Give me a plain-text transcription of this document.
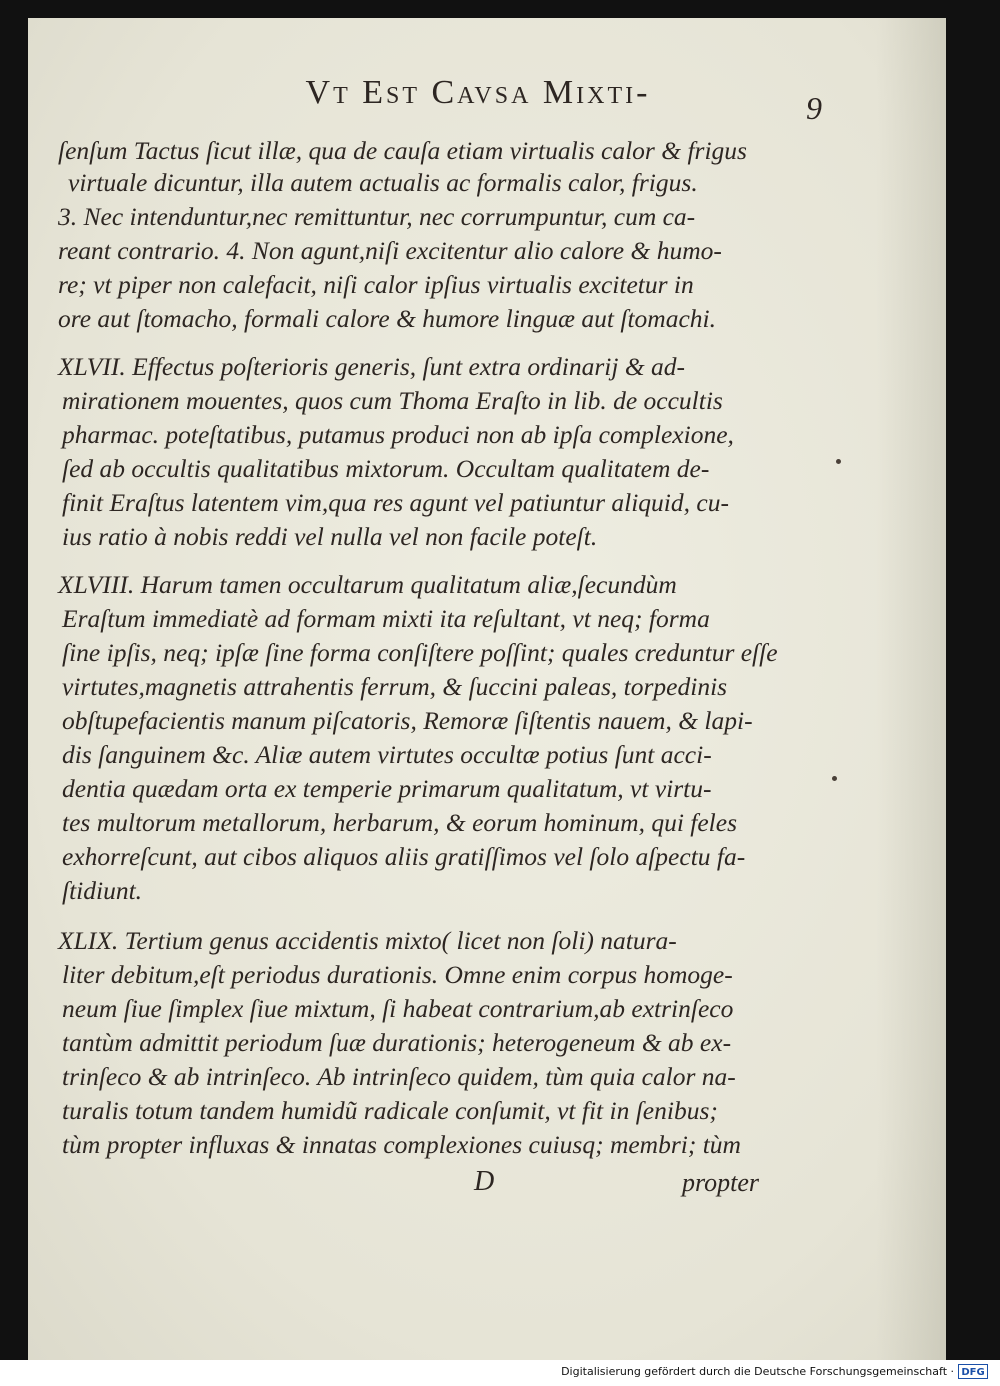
Vt Est Cavsa Mixti-	9
D	propter
ſenſum Tactus ſicut illæ, qua de cauſa etiam virtualis calor & frigus
virtuale dicuntur, illa autem actualis ac formalis calor, frigus.
3. Nec intenduntur,nec remittuntur, nec corrumpuntur, cum ca-
reant contrario. 4. Non agunt,niſi excitentur alio calore & humo-
re; vt piper non calefacit, niſi calor ipſius virtualis excitetur in
ore aut ſtomacho, formali calore & humore linguæ aut ſtomachi.
XLVII. Effectus poſterioris generis, ſunt extra ordinarij & ad-
mirationem mouentes, quos cum Thoma Eraſto in lib. de occultis
pharmac. poteſtatibus, putamus produci non ab ipſa complexione,
ſed ab occultis qualitatibus mixtorum. Occultam qualitatem de-
finit Eraſtus latentem vim,qua res agunt vel patiuntur aliquid, cu-
ius ratio à nobis reddi vel nulla vel non facile poteſt.
XLVIII. Harum tamen occultarum qualitatum aliæ,ſecundùm
Eraſtum immediatè ad formam mixti ita reſultant, vt neq; forma
ſine ipſis, neq; ipſæ ſine forma conſiſtere poſſint; quales creduntur eſſe
virtutes,magnetis attrahentis ferrum, & ſuccini paleas, torpedinis
obſtupefacientis manum piſcatoris, Remoræ ſiſtentis nauem, & lapi-
dis ſanguinem &c. Aliæ autem virtutes occultæ potius ſunt acci-
dentia quædam orta ex temperie primarum qualitatum, vt virtu-
tes multorum metallorum, herbarum, & eorum hominum, qui feles
exhorreſcunt, aut cibos aliquos aliis gratiſſimos vel ſolo aſpectu fa-
ſtidiunt.
XLIX. Tertium genus accidentis mixto( licet non ſoli) natura-
liter debitum,eſt periodus durationis. Omne enim corpus homoge-
neum ſiue ſimplex ſiue mixtum, ſi habeat contrarium,ab extrinſeco
tantùm admittit periodum ſuæ durationis; heterogeneum & ab ex-
trinſeco & ab intrinſeco. Ab intrinſeco quidem, tùm quia calor na-
turalis totum tandem humidũ radicale conſumit, vt fit in ſenibus;
tùm propter influxas & innatas complexiones cuiusq; membri; tùm
Digitalisierung gefördert durch die Deutsche Forschungsgemeinschaft · DFG
